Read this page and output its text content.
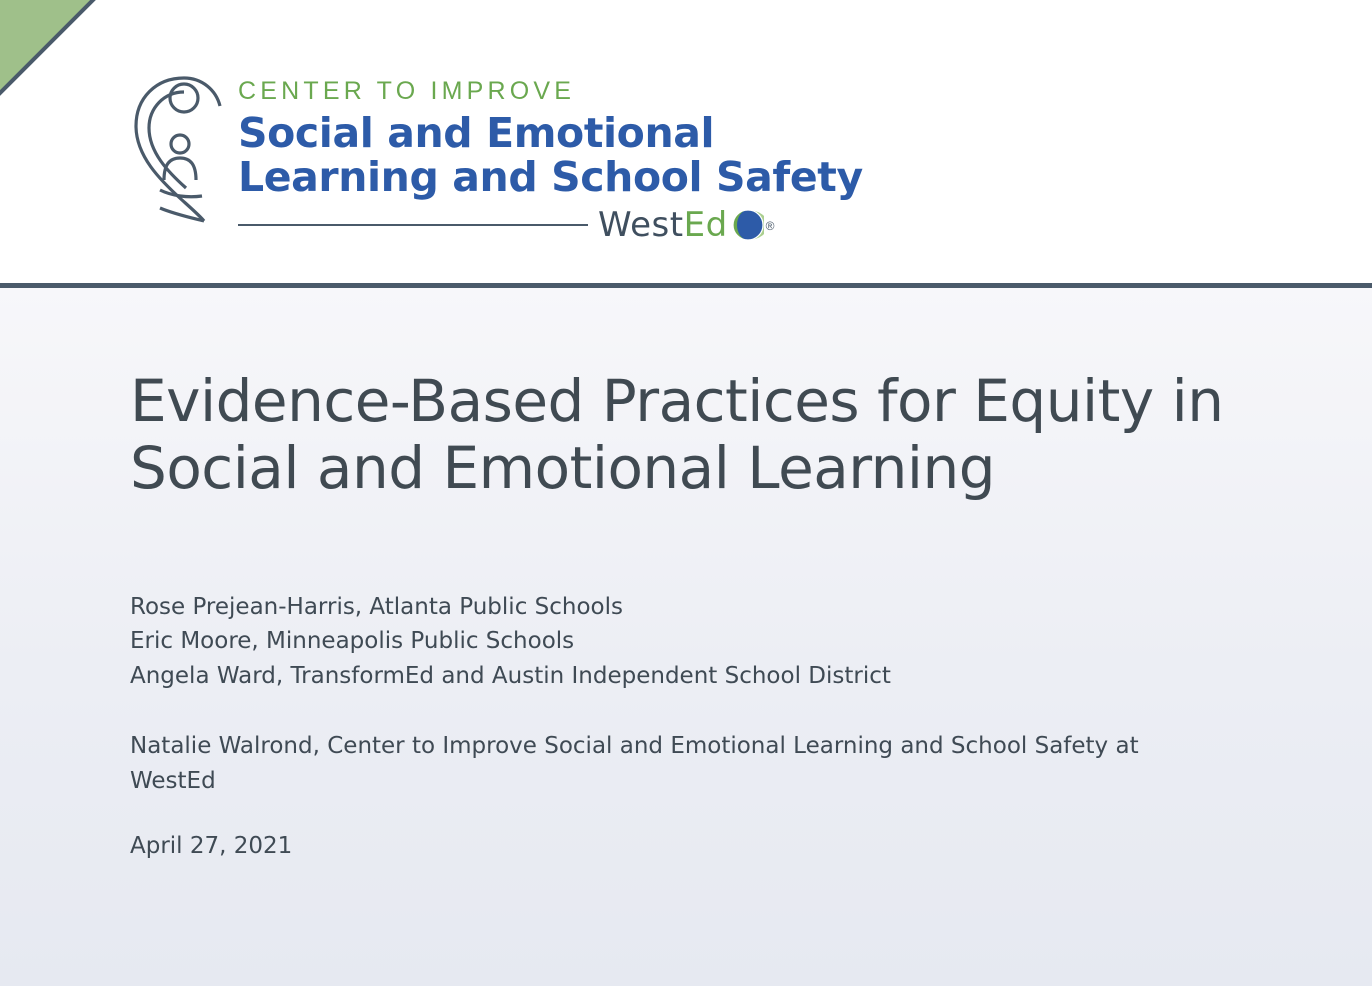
CENTER TO IMPROVE
Social and Emotional
Learning and School Safety
WestEd	®
Evidence-Based Practices for Equity in Social and Emotional Learning
Rose Prejean-Harris, Atlanta Public Schools
Eric Moore, Minneapolis Public Schools
Angela Ward, TransformEd and Austin Independent School District
Natalie Walrond, Center to Improve Social and Emotional Learning and School Safety at WestEd
April 27, 2021
